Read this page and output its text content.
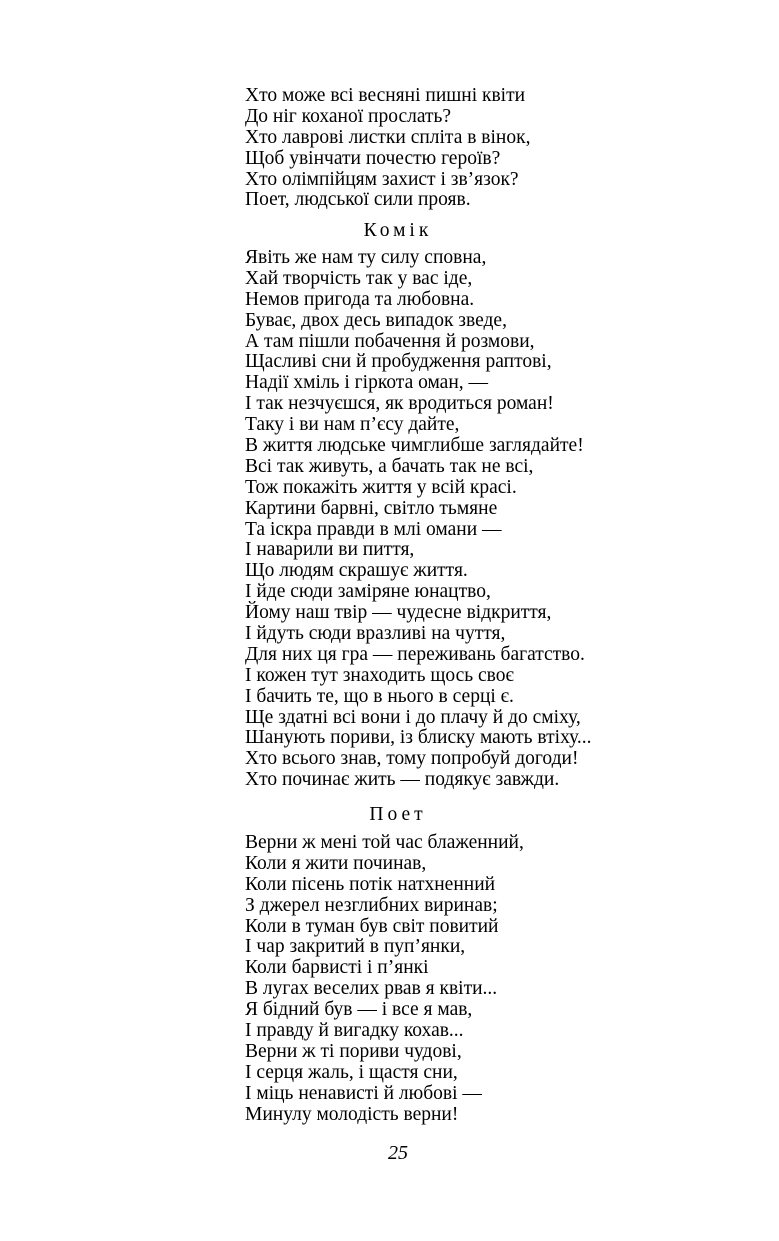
Хто може всі весняні пишні квіти
До ніг коханої прослать?
Хто лаврові листки спліта в вінок,
Щоб увінчати почестю героїв?
Хто олімпійцям захист і зв’язок?
Поет, людської сили прояв.
Комік
Явіть же нам ту силу сповна,
Хай творчість так у вас іде,
Немов пригода та любовна.
Буває, двох десь випадок зведе,
А там пішли побачення й розмови,
Щасливі сни й пробудження раптові,
Надії хміль і гіркота оман, —
І так незчуєшся, як вродиться роман!
Таку і ви нам п’єсу дайте,
В життя людське чимглибше заглядайте!
Всі так живуть, а бачать так не всі,
Тож покажіть життя у всій красі.
Картини барвні, світло тьмяне
Та іскра правди в млі омани —
І наварили ви пиття,
Що людям скрашує життя.
І йде сюди заміряне юнацтво,
Йому наш твір — чудесне відкриття,
І йдуть сюди вразливі на чуття,
Для них ця гра — переживань багатство.
І кожен тут знаходить щось своє
І бачить те, що в нього в серці є.
Ще здатні всі вони і до плачу й до сміху,
Шанують пориви, із блиску мають втіху...
Хто всього знав, тому попробуй догоди!
Хто починає жить — подякує завжди.
Поет
Верни ж мені той час блаженний,
Коли я жити починав,
Коли пісень потік натхненний
З джерел незглибних виринав;
Коли в туман був світ повитий
І чар закритий в пуп’янки,
Коли барвисті і п’янкі
В лугах веселих рвав я квіти...
Я бідний був — і все я мав,
І правду й вигадку кохав...
Верни ж ті пориви чудові,
І серця жаль, і щастя сни,
І міць ненависті й любові —
Минулу молодість верни!
25
